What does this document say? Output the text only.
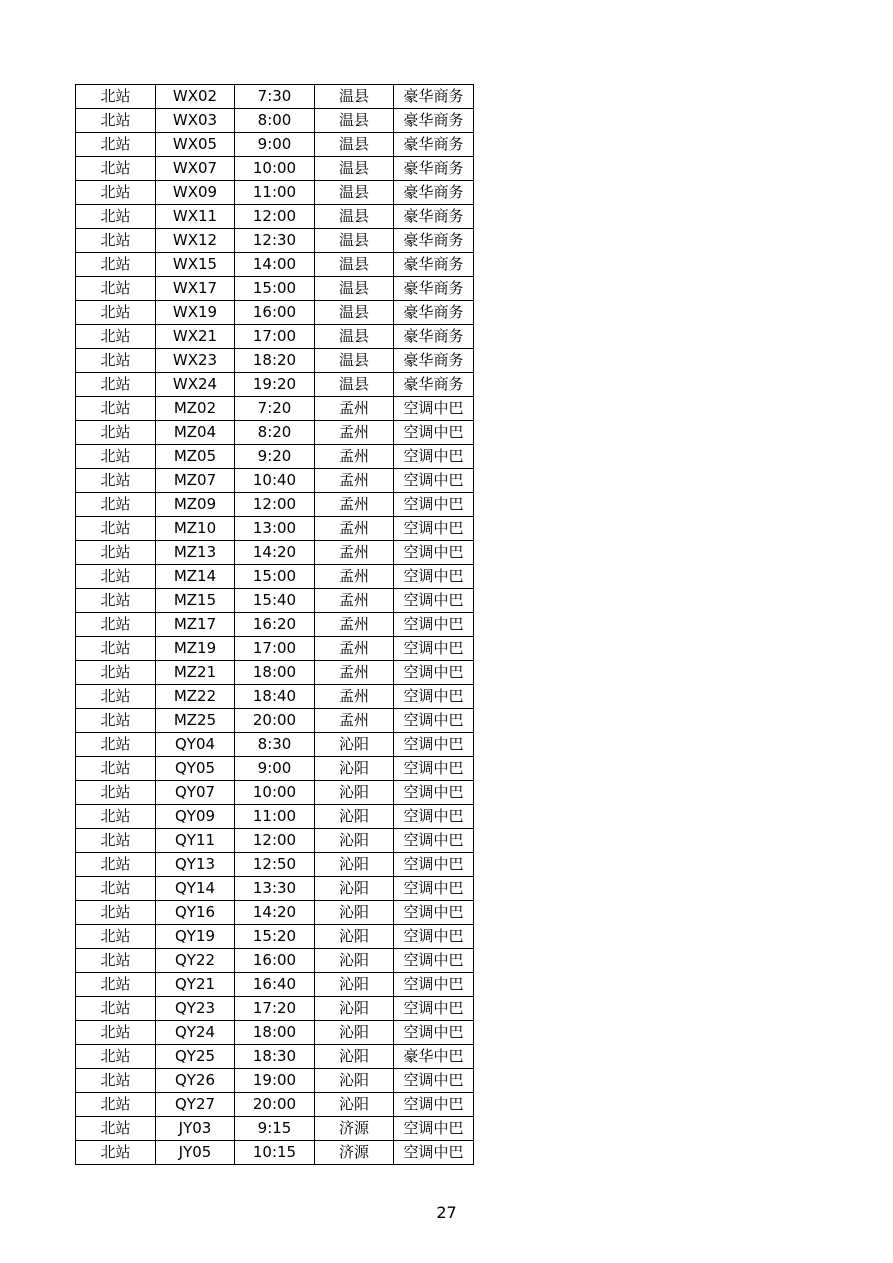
北站	WX02	7:30	温县	豪华商务
北站	WX03	8:00	温县	豪华商务
北站	WX05	9:00	温县	豪华商务
北站	WX07	10:00	温县	豪华商务
北站	WX09	11:00	温县	豪华商务
北站	WX11	12:00	温县	豪华商务
北站	WX12	12:30	温县	豪华商务
北站	WX15	14:00	温县	豪华商务
北站	WX17	15:00	温县	豪华商务
北站	WX19	16:00	温县	豪华商务
北站	WX21	17:00	温县	豪华商务
北站	WX23	18:20	温县	豪华商务
北站	WX24	19:20	温县	豪华商务
北站	MZ02	7:20	孟州	空调中巴
北站	MZ04	8:20	孟州	空调中巴
北站	MZ05	9:20	孟州	空调中巴
北站	MZ07	10:40	孟州	空调中巴
北站	MZ09	12:00	孟州	空调中巴
北站	MZ10	13:00	孟州	空调中巴
北站	MZ13	14:20	孟州	空调中巴
北站	MZ14	15:00	孟州	空调中巴
北站	MZ15	15:40	孟州	空调中巴
北站	MZ17	16:20	孟州	空调中巴
北站	MZ19	17:00	孟州	空调中巴
北站	MZ21	18:00	孟州	空调中巴
北站	MZ22	18:40	孟州	空调中巴
北站	MZ25	20:00	孟州	空调中巴
北站	QY04	8:30	沁阳	空调中巴
北站	QY05	9:00	沁阳	空调中巴
北站	QY07	10:00	沁阳	空调中巴
北站	QY09	11:00	沁阳	空调中巴
北站	QY11	12:00	沁阳	空调中巴
北站	QY13	12:50	沁阳	空调中巴
北站	QY14	13:30	沁阳	空调中巴
北站	QY16	14:20	沁阳	空调中巴
北站	QY19	15:20	沁阳	空调中巴
北站	QY22	16:00	沁阳	空调中巴
北站	QY21	16:40	沁阳	空调中巴
北站	QY23	17:20	沁阳	空调中巴
北站	QY24	18:00	沁阳	空调中巴
北站	QY25	18:30	沁阳	豪华中巴
北站	QY26	19:00	沁阳	空调中巴
北站	QY27	20:00	沁阳	空调中巴
北站	JY03	9:15	济源	空调中巴
北站	JY05	10:15	济源	空调中巴
27
